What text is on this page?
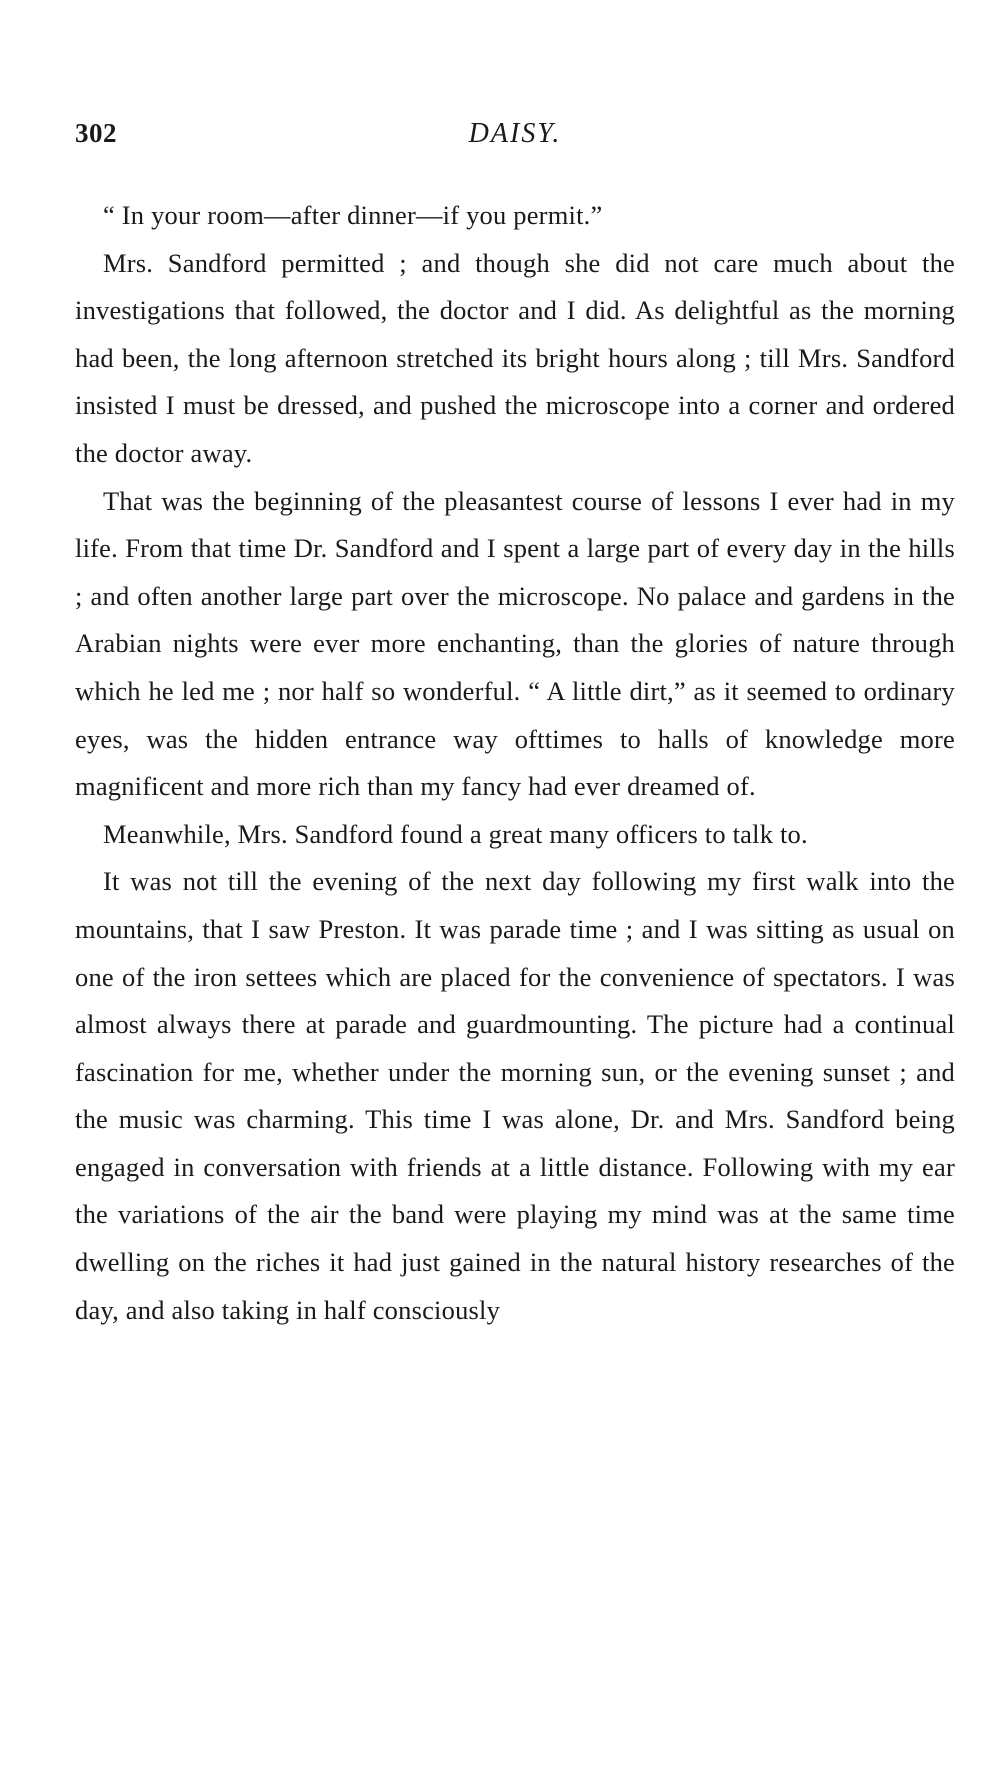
302	DAISY.

“ In your room—after dinner—if you permit.”

Mrs. Sandford permitted ; and though she did not care much about the investigations that followed, the doctor and I did. As delightful as the morning had been, the long afternoon stretched its bright hours along ; till Mrs. Sandford insisted I must be dressed, and pushed the microscope into a corner and ordered the doctor away.

That was the beginning of the pleasantest course of lessons I ever had in my life. From that time Dr. Sandford and I spent a large part of every day in the hills ; and often another large part over the microscope. No palace and gardens in the Arabian nights were ever more enchanting, than the glories of nature through which he led me ; nor half so wonderful. “ A little dirt,” as it seemed to ordinary eyes, was the hidden entrance way ofttimes to halls of knowledge more magnificent and more rich than my fancy had ever dreamed of.

Meanwhile, Mrs. Sandford found a great many officers to talk to.

It was not till the evening of the next day following my first walk into the mountains, that I saw Preston. It was parade time ; and I was sitting as usual on one of the iron settees which are placed for the convenience of spectators. I was almost always there at parade and guardmounting. The picture had a continual fascination for me, whether under the morning sun, or the evening sunset ; and the music was charming. This time I was alone, Dr. and Mrs. Sandford being engaged in conversation with friends at a little distance. Following with my ear the variations of the air the band were playing my mind was at the same time dwelling on the riches it had just gained in the natural history researches of the day, and also taking in half consciously
